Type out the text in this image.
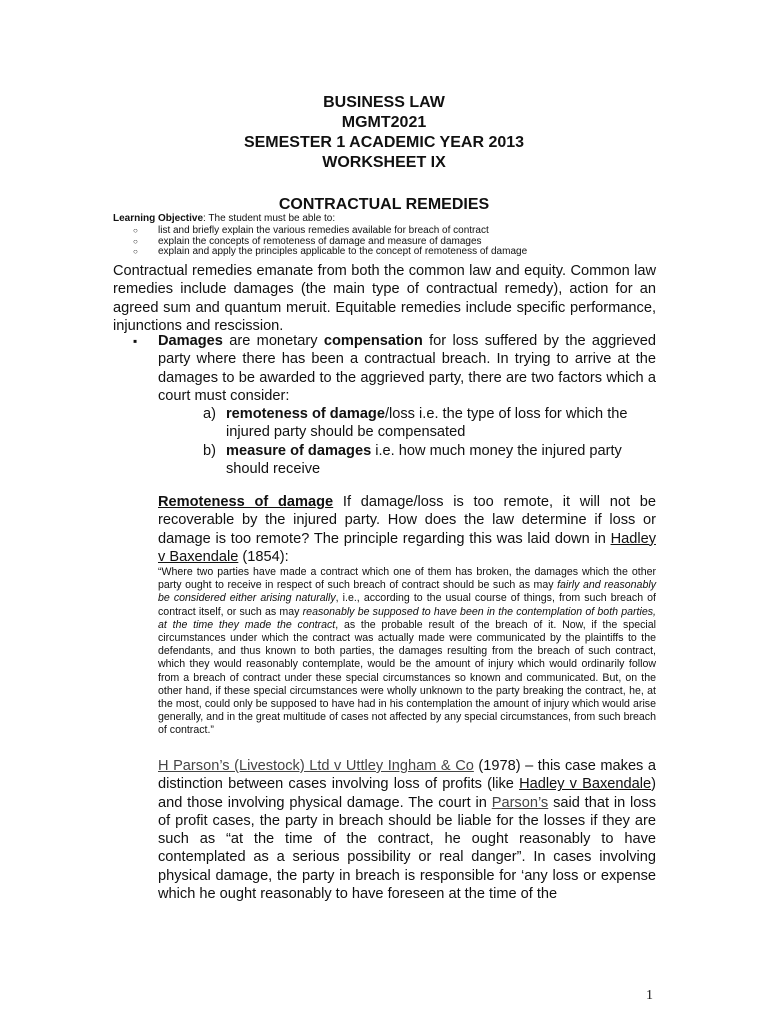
BUSINESS LAW
MGMT2021
SEMESTER 1 ACADEMIC YEAR 2013
WORKSHEET IX
CONTRACTUAL REMEDIES
Learning Objective: The student must be able to:
○	list and briefly explain the various remedies available for breach of contract
○	explain the concepts of remoteness of damage and measure of damages
○	explain and apply the principles applicable to the concept of remoteness of damage
Contractual remedies emanate from both the common law and equity. Common law remedies include damages (the main type of contractual remedy), action for an agreed sum and quantum meruit. Equitable remedies include specific performance, injunctions and rescission.
▪ Damages are monetary compensation for loss suffered by the aggrieved party where there has been a contractual breach. In trying to arrive at the damages to be awarded to the aggrieved party, there are two factors which a court must consider:
a) remoteness of damage/loss i.e. the type of loss for which the injured party should be compensated
b) measure of damages i.e. how much money the injured party should receive
Remoteness of damage If damage/loss is too remote, it will not be recoverable by the injured party. How does the law determine if loss or damage is too remote? The principle regarding this was laid down in Hadley v Baxendale (1854):
“Where two parties have made a contract which one of them has broken, the damages which the other party ought to receive in respect of such breach of contract should be such as may fairly and reasonably be considered either arising naturally, i.e., according to the usual course of things, from such breach of contract itself, or such as may reasonably be supposed to have been in the contemplation of both parties, at the time they made the contract, as the probable result of the breach of it. Now, if the special circumstances under which the contract was actually made were communicated by the plaintiffs to the defendants, and thus known to both parties, the damages resulting from the breach of such contract, which they would reasonably contemplate, would be the amount of injury which would ordinarily follow from a breach of contract under these special circumstances so known and communicated. But, on the other hand, if these special circumstances were wholly unknown to the party breaking the contract, he, at the most, could only be supposed to have had in his contemplation the amount of injury which would arise generally, and in the great multitude of cases not affected by any special circumstances, from such breach of contract.”
H Parson’s (Livestock) Ltd v Uttley Ingham & Co (1978) – this case makes a distinction between cases involving loss of profits (like Hadley v Baxendale) and those involving physical damage. The court in Parson’s said that in loss of profit cases, the party in breach should be liable for the losses if they are such as “at the time of the contract, he ought reasonably to have contemplated as a serious possibility or real danger”. In cases involving physical damage, the party in breach is responsible for ‘any loss or expense which he ought reasonably to have foreseen at the time of the
1
